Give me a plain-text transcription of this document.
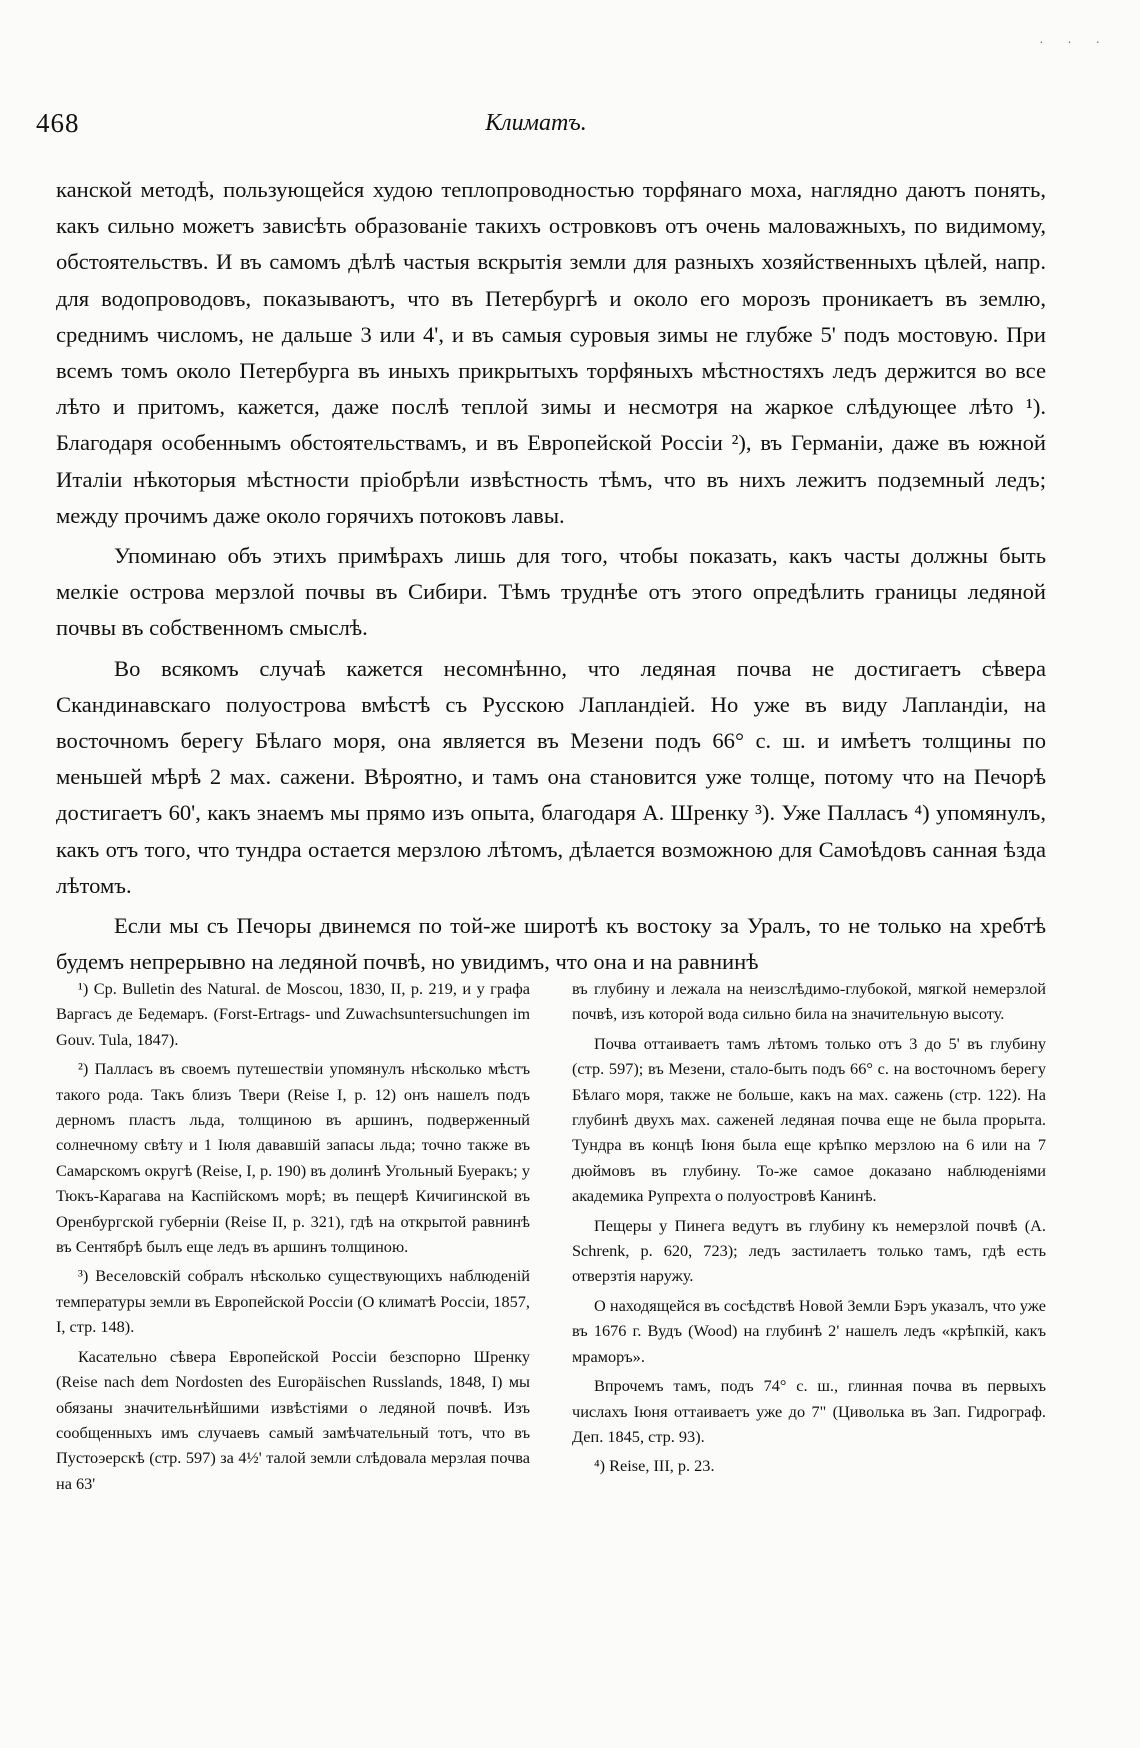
· · ·
468	Климатъ.

канской методѣ, пользующейся худою теплопроводностью торфянаго моха, наглядно даютъ понять, какъ сильно можетъ зависѣть образованіе такихъ островковъ отъ очень маловажныхъ, по видимому, обстоятельствъ. И въ самомъ дѣлѣ частыя вскрытія земли для разныхъ хозяйственныхъ цѣлей, напр. для водопроводовъ, показываютъ, что въ Петербургѣ и около его морозъ проникаетъ въ землю, среднимъ числомъ, не дальше 3 или 4', и въ самыя суровыя зимы не глубже 5' подъ мостовую. При всемъ томъ около Петербурга въ иныхъ прикрытыхъ торфяныхъ мѣстностяхъ ледъ держится во все лѣто и притомъ, кажется, даже послѣ теплой зимы и несмотря на жаркое слѣдующее лѣто ¹). Благодаря особеннымъ обстоятельствамъ, и въ Европейской Россіи ²), въ Германіи, даже въ южной Италіи нѣкоторыя мѣстности пріобрѣли извѣстность тѣмъ, что въ нихъ лежитъ подземный ледъ; между прочимъ даже около горячихъ потоковъ лавы.

Упоминаю объ этихъ примѣрахъ лишь для того, чтобы показать, какъ часты должны быть мелкіе острова мерзлой почвы въ Сибири. Тѣмъ труднѣе отъ этого опредѣлить границы ледяной почвы въ собственномъ смыслѣ.

Во всякомъ случаѣ кажется несомнѣнно, что ледяная почва не достигаетъ сѣвера Скандинавскаго полуострова вмѣстѣ съ Русскою Лапландіей. Но уже въ виду Лапландіи, на восточномъ берегу Бѣлаго моря, она является въ Мезени подъ 66° с. ш. и имѣетъ толщины по меньшей мѣрѣ 2 мах. сажени. Вѣроятно, и тамъ она становится уже толще, потому что на Печорѣ достигаетъ 60', какъ знаемъ мы прямо изъ опыта, благодаря А. Шренку ³). Уже Палласъ ⁴) упомянулъ, какъ отъ того, что тундра остается мерзлою лѣтомъ, дѣлается возможною для Самоѣдовъ санная ѣзда лѣтомъ.

Если мы съ Печоры двинемся по той-же широтѣ къ востоку за Уралъ, то не только на хребтѣ будемъ непрерывно на ледяной почвѣ, но увидимъ, что она и на равнинѣ

¹) Cp. Bulletin des Natural. de Moscou, 1830, II, p. 219, и у графа Варгасъ де Бедемаръ. (Forst-Ertrags- und Zuwachsuntersuchungen im Gouv. Tula, 1847).

²) Палласъ въ своемъ путешествіи упомянулъ нѣсколько мѣстъ такого рода. Такъ близъ Твери (Reise I, p. 12) онъ нашелъ подъ дерномъ пластъ льда, толщиною въ аршинъ, подверженный солнечному свѣту и 1 Іюля дававшій запасы льда; точно также въ Самарскомъ округѣ (Reise, I, p. 190) въ долинѣ Угольный Буеракъ; у Тюкъ-Карагава на Каспійскомъ морѣ; въ пещерѣ Кичигинской въ Оренбургской губерніи (Reise II, p. 321), гдѣ на открытой равнинѣ въ Сентябрѣ былъ еще ледъ въ аршинъ толщиною.

³) Веселовскій собралъ нѣсколько существующихъ наблюденій температуры земли въ Европейской Россіи (О климатѣ Россіи, 1857, I, стр. 148).

Касательно сѣвера Европейской Россіи безспорно Шренку (Reise nach dem Nordosten des Europäischen Russlands, 1848, I) мы обязаны значительнѣйшими извѣстіями о ледяной почвѣ. Изъ сообщенныхъ имъ случаевъ самый замѣчательный тотъ, что въ Пустоэерскѣ (стр. 597) за 4½' талой земли слѣдовала мерзлая почва на 63'

въ глубину и лежала на неизслѣдимо-глубокой, мягкой немерзлой почвѣ, изъ которой вода сильно била на значительную высоту.

Почва оттаиваетъ тамъ лѣтомъ только отъ 3 до 5' въ глубину (стр. 597); въ Мезени, стало-быть подъ 66° с. на восточномъ берегу Бѣлаго моря, также не больше, какъ на мах. сажень (стр. 122). На глубинѣ двухъ мах. саженей ледяная почва еще не была прорыта. Тундра въ концѣ Іюня была еще крѣпко мерзлою на 6 или на 7 дюймовъ въ глубину. То-же самое доказано наблюденіями академика Рупрехта о полуостровѣ Канинѣ.

Пещеры у Пинега ведутъ въ глубину къ немерзлой почвѣ (A. Schrenk, p. 620, 723); ледъ застилаетъ только тамъ, гдѣ есть отверзтія наружу.

О находящейся въ сосѣдствѣ Новой Земли Бэръ указалъ, что уже въ 1676 г. Вудъ (Wood) на глубинѣ 2' нашелъ ледъ «крѣпкій, какъ мраморъ».

Впрочемъ тамъ, подъ 74° с. ш., глинная почва въ первыхъ числахъ Іюня оттаиваетъ уже до 7" (Циволька въ Зап. Гидрограф. Деп. 1845, стр. 93).

⁴) Reise, III, p. 23.
